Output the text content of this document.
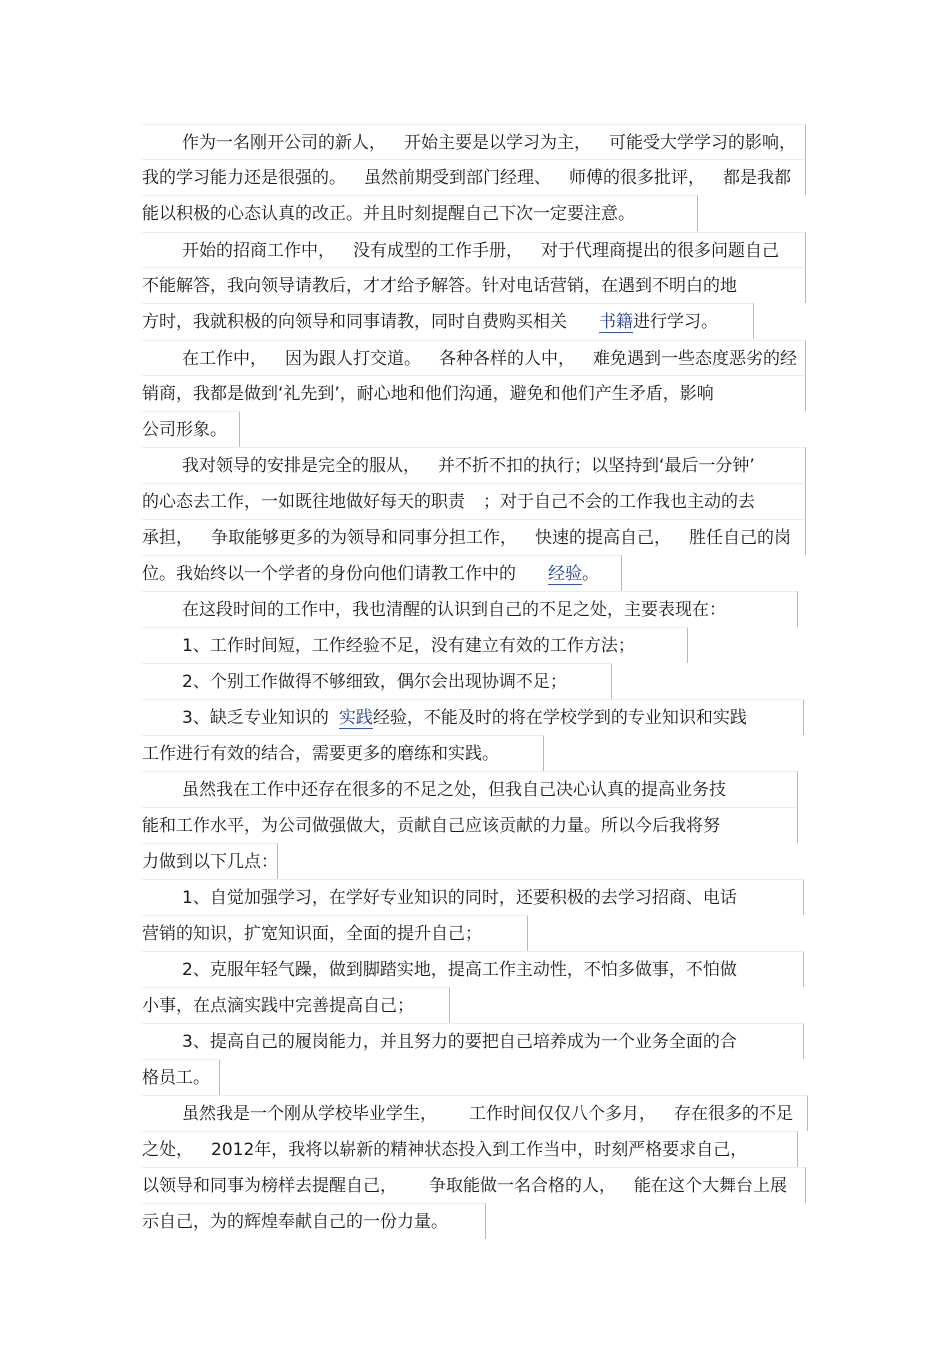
作为一名刚开公司的新人， 开始主要是以学习为主， 可能受大学学习的影响，
我的学习能力还是很强的。 虽然前期受到部门经理、 师傅的很多批评， 都是我都
能以积极的心态认真的改正。并且时刻提醒自己下次一定要注意。
开始的招商工作中， 没有成型的工作手册， 对于代理商提出的很多问题自己
不能解答，我向领导请教后，才才给予解答。针对电话营销，在遇到不明白的地
方时，我就积极的向领导和同事请教，同时自费购买相关 书籍进行学习。
在工作中， 因为跟人打交道。 各种各样的人中， 难免遇到一些态度恶劣的经
销商，我都是做到‘礼先到’，耐心地和他们沟通，避免和他们产生矛盾，影响
公司形象。
我对领导的安排是完全的服从， 并不折不扣的执行；以坚持到‘最后一分钟’
的心态去工作，一如既往地做好每天的职责 ；对于自己不会的工作我也主动的去
承担， 争取能够更多的为领导和同事分担工作， 快速的提高自己， 胜任自己的岗
位。我始终以一个学者的身份向他们请教工作中的 经验。
在这段时间的工作中，我也清醒的认识到自己的不足之处，主要表现在：
1、工作时间短，工作经验不足，没有建立有效的工作方法；
2、个别工作做得不够细致，偶尔会出现协调不足；
3、缺乏专业知识的 实践经验，不能及时的将在学校学到的专业知识和实践
工作进行有效的结合，需要更多的磨练和实践。
虽然我在工作中还存在很多的不足之处，但我自己决心认真的提高业务技
能和工作水平，为公司做强做大，贡献自己应该贡献的力量。所以今后我将努
力做到以下几点：
1、自觉加强学习，在学好专业知识的同时，还要积极的去学习招商、电话
营销的知识，扩宽知识面，全面的提升自己；
2、克服年轻气躁，做到脚踏实地，提高工作主动性，不怕多做事，不怕做
小事，在点滴实践中完善提高自己；
3、提高自己的履岗能力，并且努力的要把自己培养成为一个业务全面的合
格员工。
虽然我是一个刚从学校毕业学生， 工作时间仅仅八个多月， 存在很多的不足
之处， 2012年，我将以崭新的精神状态投入到工作当中，时刻严格要求自己，
以领导和同事为榜样去提醒自己， 争取能做一名合格的人， 能在这个大舞台上展
示自己，为的辉煌奉献自己的一份力量。
